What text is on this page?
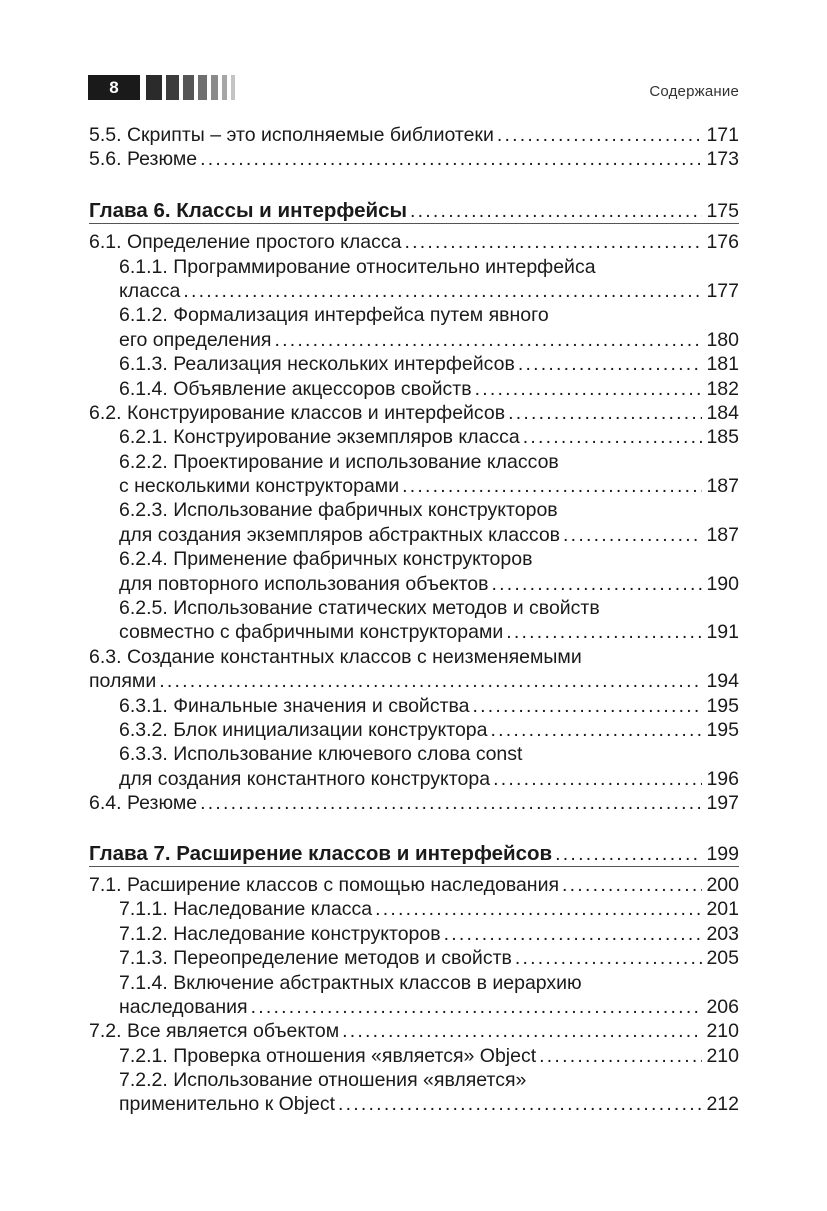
8	Содержание
5.5. Скрипты – это исполняемые библиотеки . . .	171
5.6. Резюме . . .	173
Глава 6. Классы и интерфейсы . . .	175
6.1. Определение простого класса . . .	176
6.1.1. Программирование относительно интерфейса
класса . . .	177
6.1.2. Формализация интерфейса путем явного
его определения . . .	180
6.1.3. Реализация нескольких интерфейсов . . .	181
6.1.4. Объявление акцессоров свойств . . .	182
6.2. Конструирование классов и интерфейсов . . .	184
6.2.1. Конструирование экземпляров класса . . .	185
6.2.2. Проектирование и использование классов
с несколькими конструкторами . . .	187
6.2.3. Использование фабричных конструкторов
для создания экземпляров абстрактных классов . . .	187
6.2.4. Применение фабричных конструкторов
для повторного использования объектов . . .	190
6.2.5. Использование статических методов и свойств
совместно с фабричными конструкторами . . .	191
6.3. Создание константных классов с неизменяемыми
полями . . .	194
6.3.1. Финальные значения и свойства . . .	195
6.3.2. Блок инициализации конструктора . . .	195
6.3.3. Использование ключевого слова const
для создания константного конструктора . . .	196
6.4. Резюме . . .	197
Глава 7. Расширение классов и интерфейсов . . .	199
7.1. Расширение классов с помощью наследования . . .	200
7.1.1. Наследование класса . . .	201
7.1.2. Наследование конструкторов . . .	203
7.1.3. Переопределение методов и свойств . . .	205
7.1.4. Включение абстрактных классов в иерархию
наследования . . .	206
7.2. Все является объектом . . .	210
7.2.1. Проверка отношения «является» Object . . .	210
7.2.2. Использование отношения «является»
применительно к Object . . .	212
